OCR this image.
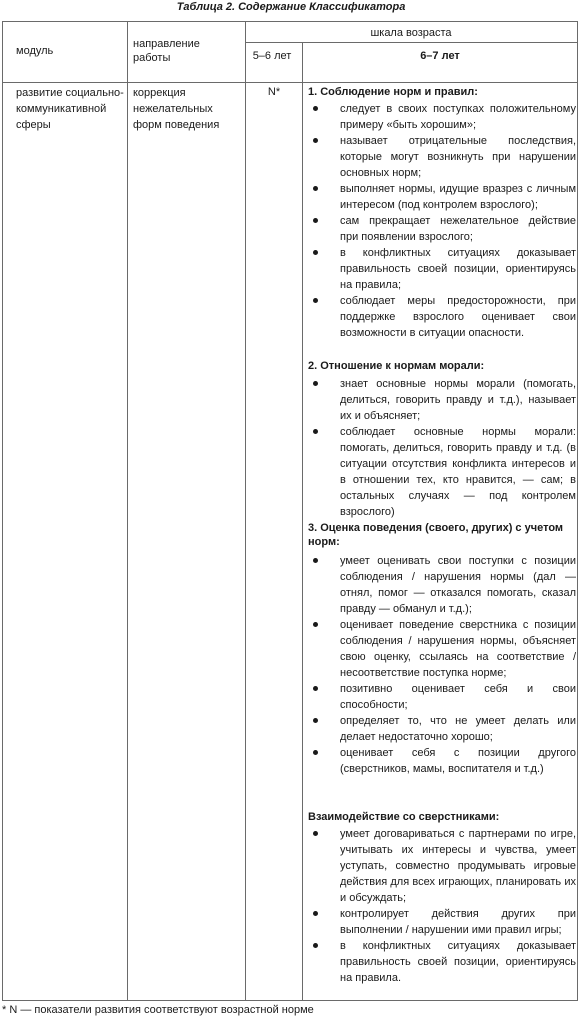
Таблица 2. Содержание Классификатора
модуль
направление работы
шкала возраста
5–6 лет	6–7 лет
развитие социально-коммуникативной сферы
коррекция нежелательных форм поведения
N*	1. Соблюдение норм и правил:
следует в своих поступках положительному примеру «быть хорошим»;
называет отрицательные последствия, которые могут возникнуть при нарушении основных норм;
выполняет нормы, идущие вразрез с личным интересом (под контролем взрослого);
сам прекращает нежелательное действие при появлении взрослого;
в конфликтных ситуациях доказывает правильность своей позиции, ориентируясь на правила;
соблюдает меры предосторожности, при поддержке взрослого оценивает свои возможности в ситуации опасности.
2. Отношение к нормам морали:
знает основные нормы морали (помогать, делиться, говорить правду и т.д.), называет их и объясняет;
соблюдает основные нормы морали: помогать, делиться, говорить правду и т.д. (в ситуации отсутствия конфликта интересов и в отношении тех, кто нравится, — сам; в остальных случаях — под контролем взрослого)
3. Оценка поведения (своего, других) с учетом норм:
умеет оценивать свои поступки с позиции соблюдения / нарушения нормы (дал — отнял, помог — отказался помогать, сказал правду — обманул и т.д.);
оценивает поведение сверстника с позиции соблюдения / нарушения нормы, объясняет свою оценку, ссылаясь на соответствие / несоответствие поступка норме;
позитивно оценивает себя и свои способности;
определяет то, что не умеет делать или делает недостаточно хорошо;
оценивает себя с позиции другого (сверстников, мамы, воспитателя и т.д.)
Взаимодействие со сверстниками:
умеет договариваться с партнерами по игре, учитывать их интересы и чувства, умеет уступать, совместно продумывать игровые действия для всех играющих, планировать их и обсуждать;
контролирует действия других при выполнении / нарушении ими правил игры;
в конфликтных ситуациях доказывает правильность своей позиции, ориентируясь на правила.
* N — показатели развития соответствуют возрастной норме
